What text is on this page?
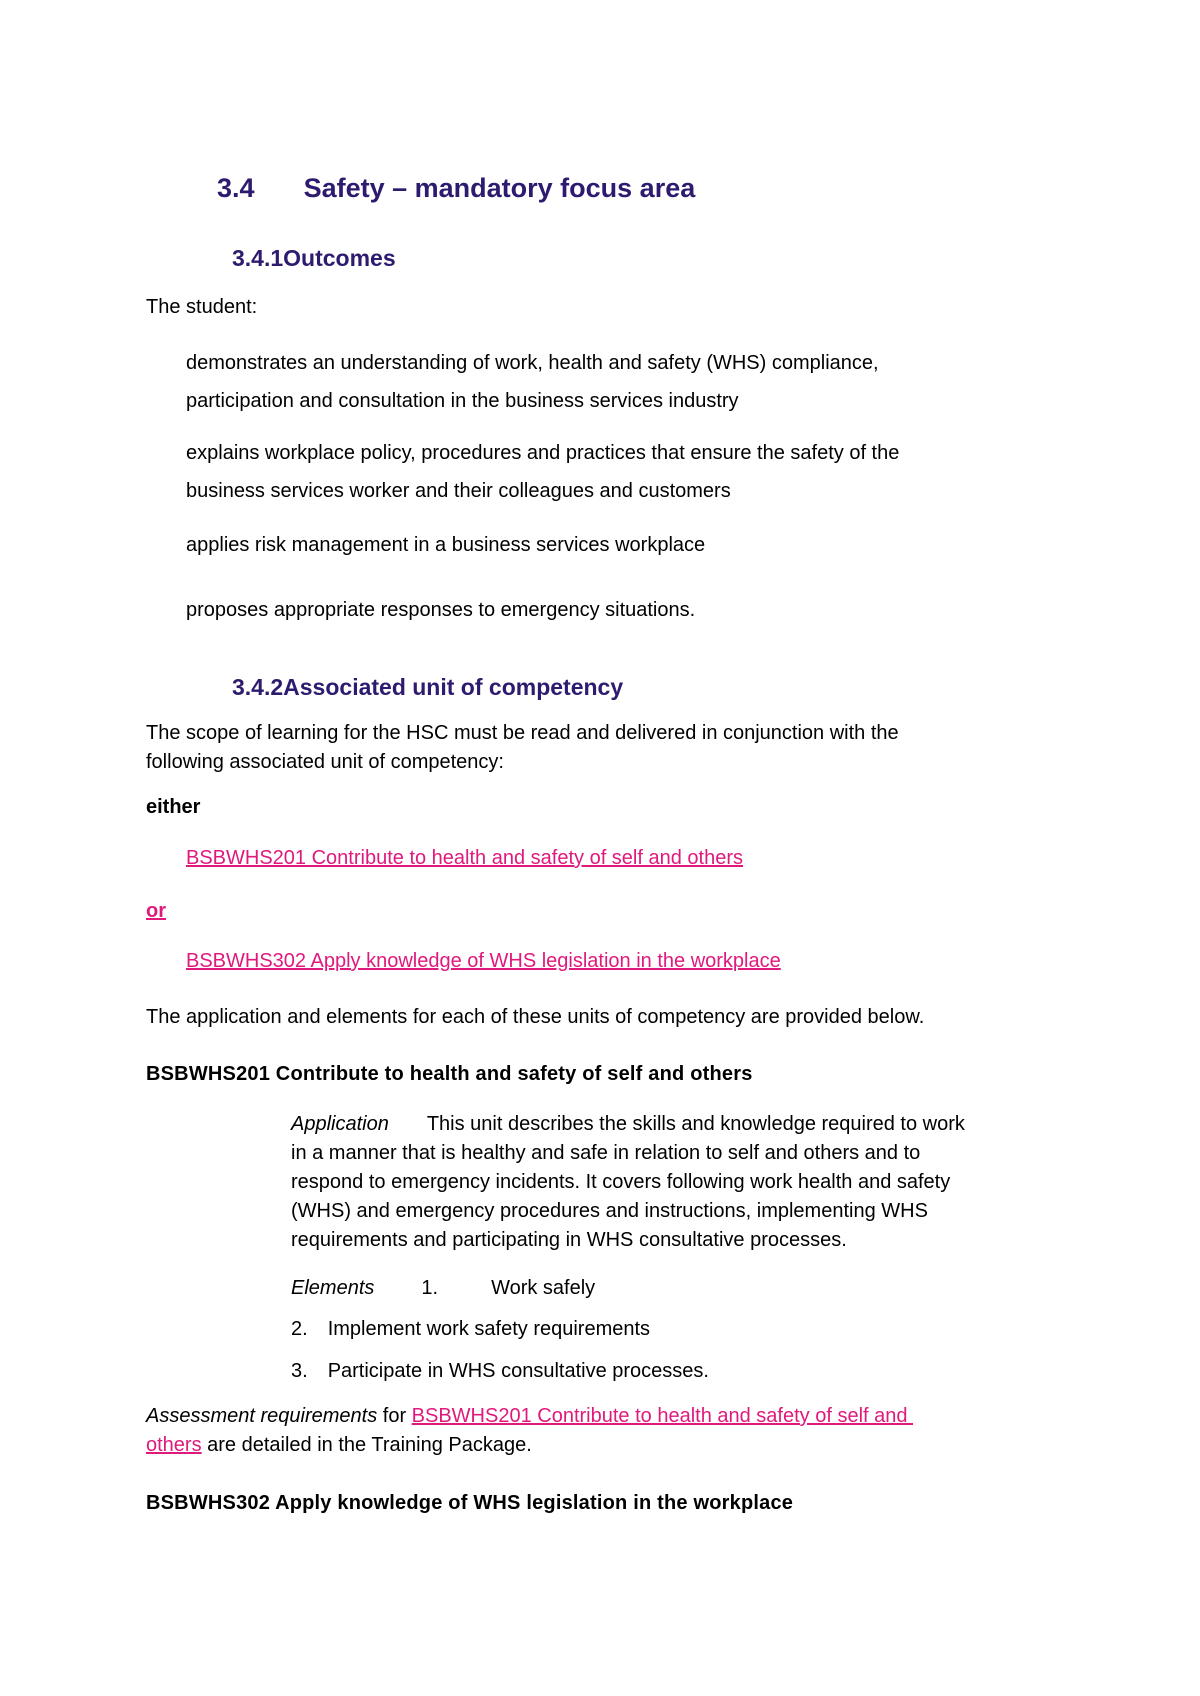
3.4 Safety – mandatory focus area
3.4.1Outcomes
The student:
demonstrates an understanding of work, health and safety (WHS) compliance,
participation and consultation in the business services industry
explains workplace policy, procedures and practices that ensure the safety of the
business services worker and their colleagues and customers
applies risk management in a business services workplace
proposes appropriate responses to emergency situations.
3.4.2Associated unit of competency
The scope of learning for the HSC must be read and delivered in conjunction with the
following associated unit of competency:
either
BSBWHS201 Contribute to health and safety of self and others
or
BSBWHS302 Apply knowledge of WHS legislation in the workplace
The application and elements for each of these units of competency are provided below.
BSBWHS201 Contribute to health and safety of self and others
Application This unit describes the skills and knowledge required to work
in a manner that is healthy and safe in relation to self and others and to
respond to emergency incidents. It covers following work health and safety
(WHS) and emergency procedures and instructions, implementing WHS
requirements and participating in WHS consultative processes.
Elements 1.	Work safely
2. Implement work safety requirements
3. Participate in WHS consultative processes.
Assessment requirements for BSBWHS201 Contribute to health and safety of self and
others are detailed in the Training Package.
BSBWHS302 Apply knowledge of WHS legislation in the workplace
